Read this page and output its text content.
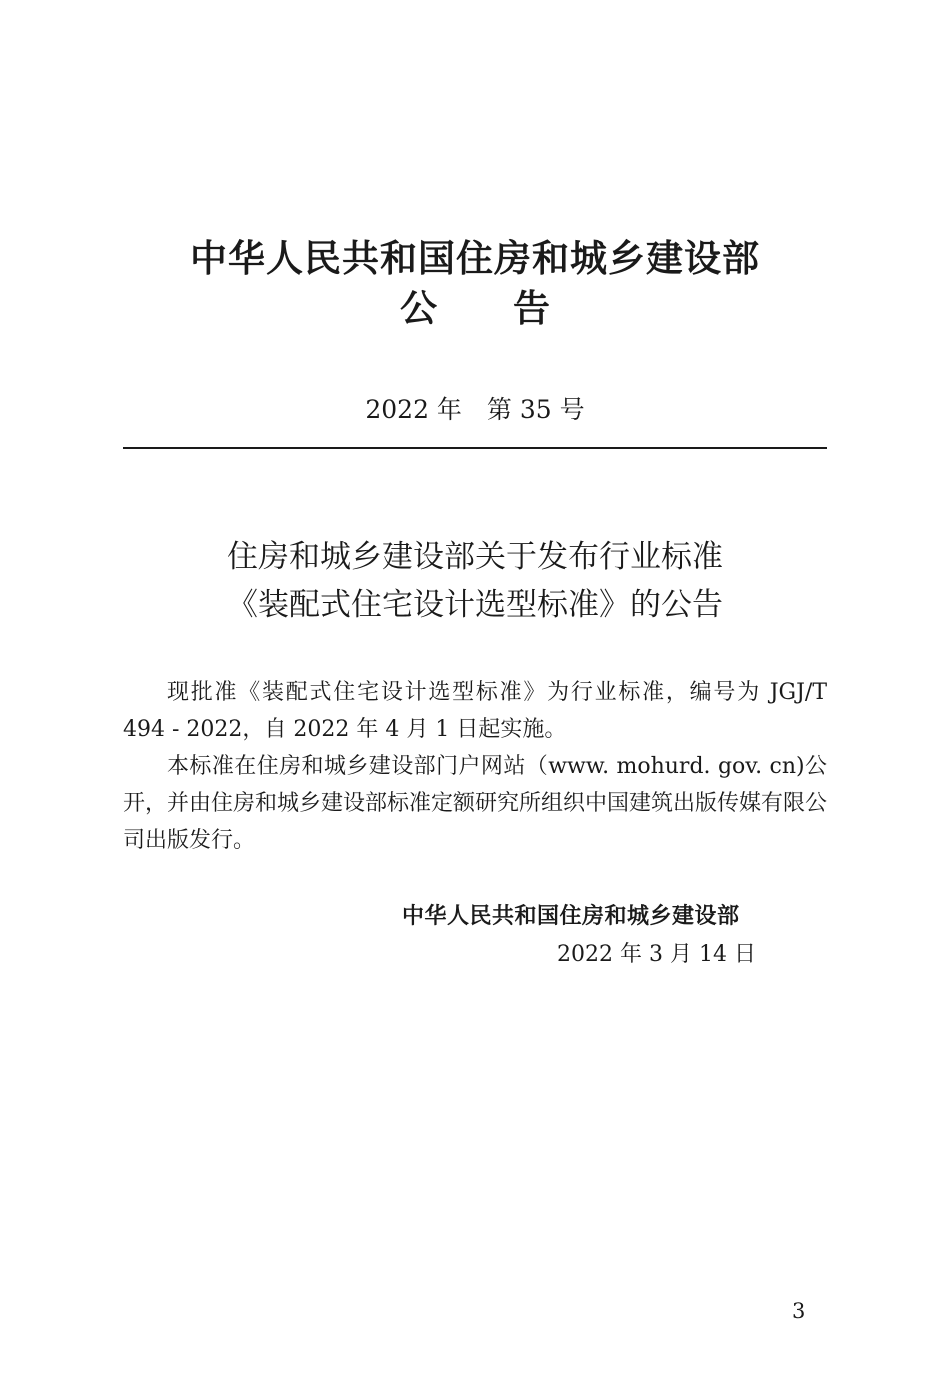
中华人民共和国住房和城乡建设部
公告
2022 年　第 35 号
住房和城乡建设部关于发布行业标准
《装配式住宅设计选型标准》的公告

现批准《装配式住宅设计选型标准》为行业标准，编号为 JGJ/T 494 - 2022，自 2022 年 4 月 1 日起实施。

本标准在住房和城乡建设部门户网站（www. mohurd. gov. cn)公开，并由住房和城乡建设部标准定额研究所组织中国建筑出版传媒有限公司出版发行。

中华人民共和国住房和城乡建设部
2022 年 3 月 14 日
3
